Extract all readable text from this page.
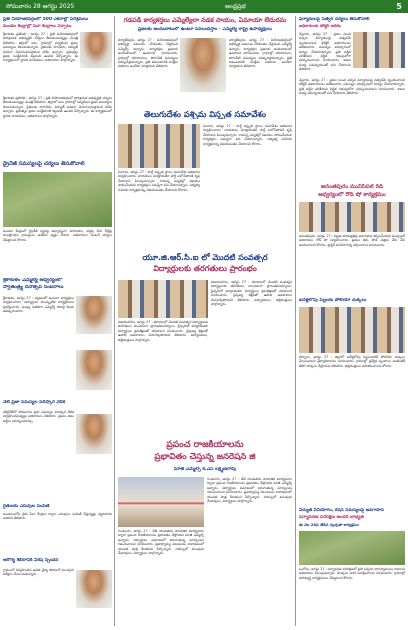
సోమవారం 28 ఆగస్టు 2025	ఆంధ్రప్రభ	5
ప్రతి నియోజకవర్గంలో 500 ఎకరాల్లో పరిశ్రమలు
మండల కేంద్రాల్లో సేవా కేంద్రాలు ఏర్పాటు
శ్రీకాకుళం ప్రతినిధి : ఆగస్టు 27 : ప్రతి నియోజకవర్గంలో పారిశ్రామిక అభివృద్ధికి చర్యలు తీసుకుంటున్నట్లు మంత్రి తెలిపారు. జిల్లాలో పలు గ్రామాల్లో పర్యటించి ప్రజల సమస్యలు తెలుసుకున్నారు. రైతులకు సాగునీరు, విద్యుత్ సరఫరా మెరుగుపరుస్తామని హామీ ఇచ్చారు. ప్రభుత్వం ప్రజల సంక్షేమానికి కట్టుబడి ఉందని పేర్కొన్నారు. ఈ కార్యక్రమంలో స్థానిక నాయకులు, అధికారులు పాల్గొన్నారు.
శ్రీకాకుళం ప్రతినిధి : ఆగస్టు 27 : ప్రతి నియోజకవర్గంలో పారిశ్రామిక అభివృద్ధికి చర్యలు తీసుకుంటున్నట్లు మంత్రి తెలిపారు. జిల్లాలో పలు గ్రామాల్లో పర్యటించి ప్రజల సమస్యలు తెలుసుకున్నారు. రైతులకు సాగునీరు, విద్యుత్ సరఫరా మెరుగుపరుస్తామని హామీ ఇచ్చారు. ప్రభుత్వం ప్రజల సంక్షేమానికి కట్టుబడి ఉందని పేర్కొన్నారు. ఈ కార్యక్రమంలో స్థానిక నాయకులు, అధికారులు పాల్గొన్నారు.
డ్రైనేజీ సమస్యలపై చర్యలు తీసుకోవాలి
మండల కేంద్రంలో డ్రైనేజీ వ్యవస్థ అధ్వాన్నంగా మారిందని, వర్షపు నీరు రోడ్లపై నిలుస్తోందని గ్రామస్థులు ఆవేదన వ్యక్తం చేశారు. అధికారులు వెంటనే చర్యలు చేపట్టాలని కోరారు.
శ్రీకాకుళం ఎమ్మెల్యే ఆధ్వర్యంలో
స్వాతంత్ర్య దినోత్సవ సంబరాలు
శ్రీకాకుళం, ఆగస్టు 27 : పట్టణంలో ఘనంగా కార్యక్రమం నిర్వహించారు. విద్యార్థులు సాంస్కృతిక కార్యక్రమాలు ప్రదర్శించారు. ముఖ్య అతిథిగా ఎమ్మెల్యే హాజరై జెండా ఆవిష్కరించారు.
నేటి ప్రజా సమస్యల పరిష్కార వేదిక
కలెక్టరేట్‌లో సోమవారం ప్రజా సమస్యల పరిష్కార వేదిక నిర్వహించనున్నట్లు అధికారులు తెలిపారు. ప్రజలు తమ అర్జీలు సమర్పించవచ్చు.
రైతులకు ఎరువుల పంపిణీ
మండలంలోని రైతు సేవా కేంద్రాల ద్వారా ఎరువులు పంపిణీ చేస్తున్నట్లు వ్యవసాయ అధికారి తెలిపారు.
ఆరోగ్య శిబిరానికి విశేష స్పందన
గ్రామంలో నిర్వహించిన ఉచిత వైద్య శిబిరంలో పలువురు పరీక్షలు చేయించుకున్నారు.
గడపడి కార్యకర్తలు ఎమ్మెల్యేలా నడక సాయం, ఏమాయా లేదురమ
ప్రజలకు అందుబాటులో ఉంటూ సేవలందిస్తాం - ఎమ్మెల్యే రాష్ట్ర ఉపాధ్యక్షులు
పార్వతీపురం, ఆగస్టు 27 : నియోజకవర్గంలో అభివృద్ధి పనులను వేగవంతం చేస్తామని ఎమ్మెల్యే అన్నారు. కార్యకర్తలు ప్రజలకు అందుబాటులో ఉండాలని సూచించారు. గ్రామాల్లో రహదారులు, తాగునీటి సమస్యలు పరిష్కరిస్తామన్నారు. ప్రతి కుటుంబానికి సంక్షేమ పథకాలు అందేలా చూస్తామని తెలిపారు.
పార్వతీపురం, ఆగస్టు 27 : నియోజకవర్గంలో అభివృద్ధి పనులను వేగవంతం చేస్తామని ఎమ్మెల్యే అన్నారు. కార్యకర్తలు ప్రజలకు అందుబాటులో ఉండాలని సూచించారు. గ్రామాల్లో రహదారులు, తాగునీటి సమస్యలు పరిష్కరిస్తామన్నారు. ప్రతి కుటుంబానికి సంక్షేమ పథకాలు అందేలా చూస్తామని తెలిపారు.
తెలుగుదేశం పశ్చిమ విస్తృత సమావేశం
ఏలూరు, ఆగస్టు 27 : పార్టీ విస్తృత స్థాయి సమావేశం ఆదివారం నిర్వహించారు. నాయకులు మాట్లాడుతూ పార్టీ బలోపేతానికి కృషి చేయాలని పిలుపునిచ్చారు. రానున్న ఎన్నికల్లో విజయం సాధించేందుకు కార్యకర్తలు సమష్టిగా పని చేయాలన్నారు. సభ్యత్వ నమోదు కార్యక్రమాన్ని విజయవంతం చేయాలని కోరారు.
ఏలూరు, ఆగస్టు 27 : పార్టీ విస్తృత స్థాయి సమావేశం ఆదివారం నిర్వహించారు. నాయకులు మాట్లాడుతూ పార్టీ బలోపేతానికి కృషి చేయాలని పిలుపునిచ్చారు. రానున్న ఎన్నికల్లో విజయం సాధించేందుకు కార్యకర్తలు సమష్టిగా పని చేయాలన్నారు. సభ్యత్వ నమోదు కార్యక్రమాన్ని విజయవంతం చేయాలని కోరారు.
యూ.జి.ఆర్.సి.ఐ లో మొదటి సంవత్సర
విద్యార్థులకు తరగతులు ప్రారంభం
విజయనగరం, ఆగస్టు 27 : కళాశాలలో మొదటి సంవత్సర విద్యార్థులకు తరగతులు లాంఛనంగా ప్రారంభమయ్యాయి. ప్రిన్సిపాల్ మాట్లాడుతూ విద్యార్థులు క్రమశిక్షణతో చదవాలని సూచించారు. నైపుణ్య శిక్షణతో ఉపాధి అవకాశాలు మెరుగవుతాయని తెలిపారు. అధ్యాపకులు, తల్లిదండ్రులు పాల్గొన్నారు.
విజయనగరం, ఆగస్టు 27 : కళాశాలలో మొదటి సంవత్సర విద్యార్థులకు తరగతులు లాంఛనంగా ప్రారంభమయ్యాయి. ప్రిన్సిపాల్ మాట్లాడుతూ విద్యార్థులు క్రమశిక్షణతో చదవాలని సూచించారు. నైపుణ్య శిక్షణతో ఉపాధి అవకాశాలు మెరుగవుతాయని తెలిపారు. అధ్యాపకులు, తల్లిదండ్రులు పాల్గొన్నారు.
ప్రపంచ రాజకీయాలను
ప్రభావితం చేస్తున్న జనరేషన్ జి
మాజీ ఎమ్మెల్సీ కె.ఎస్ లక్ష్మణరావు
గుంటూరు, ఆగస్టు 27 : నేటి యువతరం సామాజిక మాధ్యమాల ద్వారా ప్రపంచ రాజకీయాలను ప్రభావితం చేస్తోందని మాజీ ఎమ్మెల్సీ అన్నారు. విద్యార్థులు సమాజంలో జరుగుతున్న మార్పులను గమనించాలని సూచించారు. ప్రజాస్వామ్య విలువలను కాపాడటంలో యువత పాత్ర కీలకమని పేర్కొన్నారు. సదస్సులో పలువురు మేధావులు, విద్యార్థులు పాల్గొన్నారు.
గుంటూరు, ఆగస్టు 27 : నేటి యువతరం సామాజిక మాధ్యమాల ద్వారా ప్రపంచ రాజకీయాలను ప్రభావితం చేస్తోందని మాజీ ఎమ్మెల్సీ అన్నారు. విద్యార్థులు సమాజంలో జరుగుతున్న మార్పులను గమనించాలని సూచించారు. ప్రజాస్వామ్య విలువలను కాపాడటంలో యువత పాత్ర కీలకమని పేర్కొన్నారు. సదస్సులో పలువురు మేధావులు, విద్యార్థులు పాల్గొన్నారు.
ఫిర్యాదులపై సత్వర చర్యలు తీసుకోవాలి
అధికారులకు కలెక్టర్ ఆదేశం
నెల్లూరు, ఆగస్టు 27 : ప్రజల నుంచి వచ్చిన ఫిర్యాదులపై సత్వరమే స్పందించాలని కలెక్టర్ అధికారులను ఆదేశించారు. సమస్యల పరిష్కారంలో జాప్యం చేయరాదన్నారు. ప్రతి అర్జీని పరిశీలించి నిర్ణీత గడువులోగా పరిష్కరించాలని సూచించారు. శాఖల మధ్య సమన్వయంతో పని చేయాలని తెలిపారు.
నెల్లూరు, ఆగస్టు 27 : ప్రజల నుంచి వచ్చిన ఫిర్యాదులపై సత్వరమే స్పందించాలని కలెక్టర్ అధికారులను ఆదేశించారు. సమస్యల పరిష్కారంలో జాప్యం చేయరాదన్నారు. ప్రతి అర్జీని పరిశీలించి నిర్ణీత గడువులోగా పరిష్కరించాలని సూచించారు. శాఖల మధ్య సమన్వయంతో పని చేయాలని తెలిపారు.
అనంతపురం మునిసిపల్ రీడ్
ఆధ్వర్యంలో రోడ్ షో కార్యక్రమం
అనంతపురం, ఆగస్టు 27 : పట్టణ పరిశుభ్రతపై అవగాహన కల్పించేందుకు మున్సిపల్ అధికారులు రోడ్ షో నిర్వహించారు. ప్రజలు తడి, పొడి చెత్తను వేరు చేసి అందించాలని కోరారు. ప్లాస్టిక్ వినియోగాన్ని తగ్గించాలని సూచించారు.
ఐదేళ్లలోపు పిల్లలకు పోలియో చుక్కలు
కర్నూలు, ఆగస్టు 27 : జిల్లాలో ఐదేళ్లలోపు పిల్లలందరికీ పోలియో చుక్కలు వేయించాలని వైద్యాధికారులు సూచించారు. గ్రామాల్లో ప్రత్యేక బృందాలు ఇంటింటికీ తిరిగి చుక్కలు వేస్తాయని తెలిపారు. తల్లిదండ్రులు సహకరించాలని కోరారు.
విద్యుత్ వినియోగం, రేషన్ సమస్యలపై అవగాహన
పర్యావరణ పరిరక్షణ అందరి బాధ్యత
ఈ నెల 28వ తేదీన స్వచ్ఛతా కార్యక్రమం
ఒంగోలు, ఆగస్టు 27 : పర్యావరణ పరిరక్షణలో ప్రతి ఒక్కరూ భాగస్వాములు కావాలని అధికారులు పిలుపునిచ్చారు. మొక్కలు నాటి సంరక్షించాలని సూచించారు. గ్రామాల్లో పారిశుద్ధ్య కార్యక్రమాలు చేపట్టాలని కోరారు.
